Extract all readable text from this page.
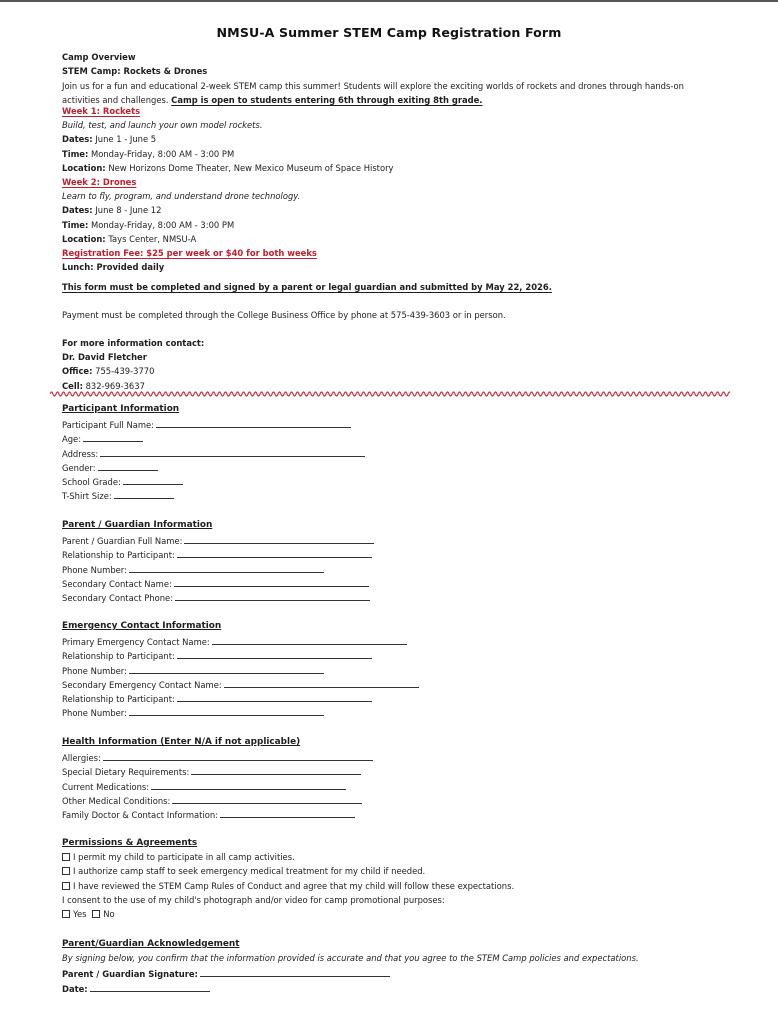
NMSU-A Summer STEM Camp Registration Form
Camp Overview
STEM Camp: Rockets & Drones
Join us for a fun and educational 2-week STEM camp this summer! Students will explore the exciting worlds of rockets and drones through hands-on activities and challenges. Camp is open to students entering 6th through exiting 8th grade.
Week 1: Rockets
Build, test, and launch your own model rockets.
Dates: June 1 - June 5
Time: Monday-Friday, 8:00 AM - 3:00 PM
Location: New Horizons Dome Theater, New Mexico Museum of Space History
Week 2: Drones
Learn to fly, program, and understand drone technology.
Dates: June 8 - June 12
Time: Monday-Friday, 8:00 AM - 3:00 PM
Location: Tays Center, NMSU-A
Registration Fee: $25 per week or $40 for both weeks
Lunch: Provided daily
This form must be completed and signed by a parent or legal guardian and submitted by May 22, 2026.
Payment must be completed through the College Business Office by phone at 575-439-3603 or in person.
For more information contact:
Dr. David Fletcher
Office: 755-439-3770
Cell: 832-969-3637
Participant Information
Participant Full Name:
Age:
Address:
Gender:
School Grade:
T-Shirt Size:
Parent / Guardian Information
Parent / Guardian Full Name:
Relationship to Participant:
Phone Number:
Secondary Contact Name:
Secondary Contact Phone:
Emergency Contact Information
Primary Emergency Contact Name:
Relationship to Participant:
Phone Number:
Secondary Emergency Contact Name:
Relationship to Participant:
Phone Number:
Health Information (Enter N/A if not applicable)
Allergies:
Special Dietary Requirements:
Current Medications:
Other Medical Conditions:
Family Doctor & Contact Information:
Permissions & Agreements
I permit my child to participate in all camp activities.
I authorize camp staff to seek emergency medical treatment for my child if needed.
I have reviewed the STEM Camp Rules of Conduct and agree that my child will follow these expectations.
I consent to the use of my child's photograph and/or video for camp promotional purposes:
Yes No
Parent/Guardian Acknowledgement
By signing below, you confirm that the information provided is accurate and that you agree to the STEM Camp policies and expectations.
Parent / Guardian Signature:
Date:
